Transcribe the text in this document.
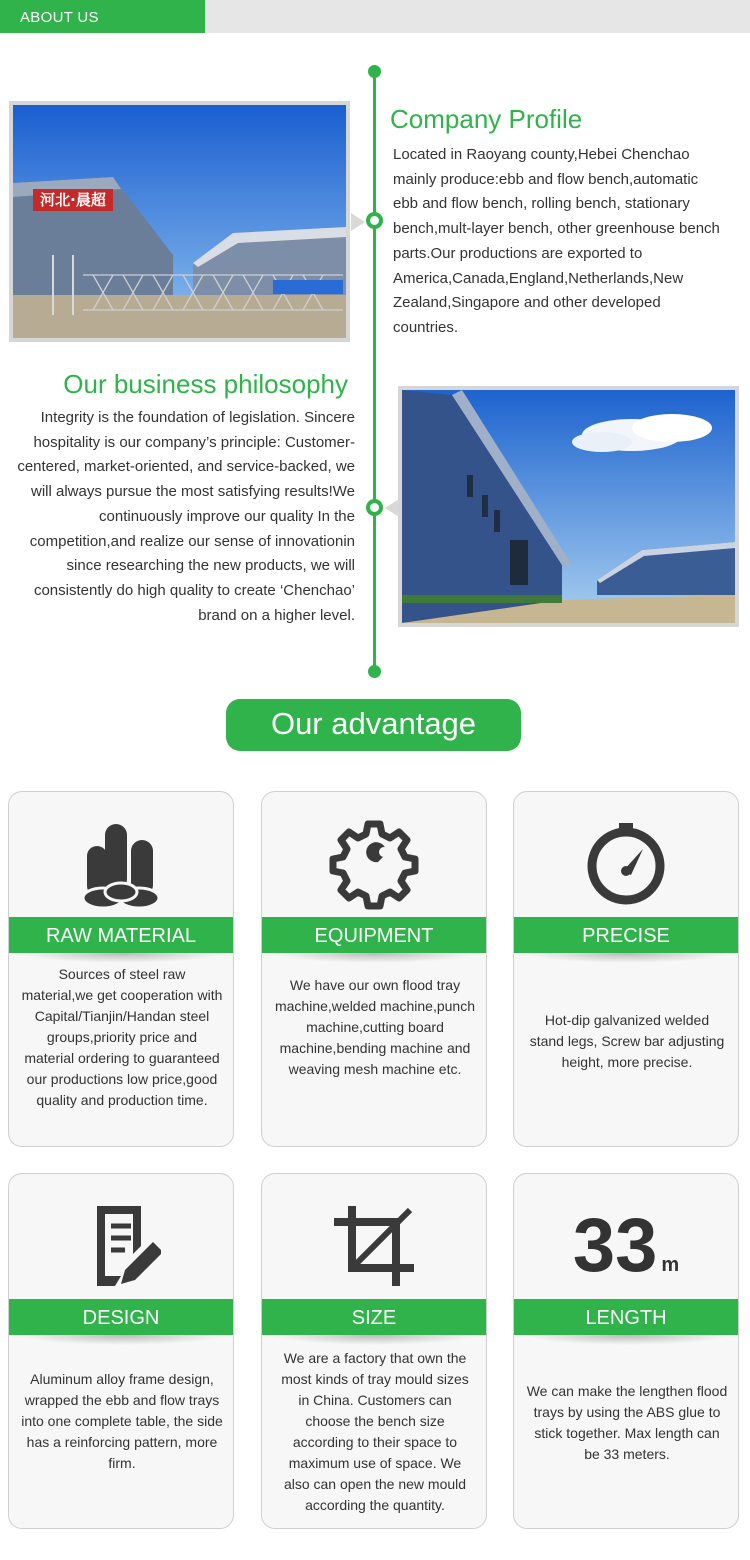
ABOUT US
河北·晨超
Company Profile

Located in Raoyang county,Hebei Chenchao mainly produce:ebb and flow bench,automatic ebb and flow bench, rolling bench, stationary bench,mult-layer bench, other greenhouse bench parts.Our productions are exported to America,Canada,England,Netherlands,New Zealand,Singapore and other developed countries.

Our business philosophy

Integrity is the foundation of legislation. Sincere hospitality is our company’s principle: Customer-centered, market-oriented, and service-backed, we will always pursue the most satisfying results!We continuously improve our quality In the competition,and realize our sense of innovationin since researching the new products, we will consistently do high quality to create ‘Chenchao’ brand on a higher level.

Our advantage
RAW MATERIAL
Sources of steel raw material,we get cooperation with Capital/Tianjin/Handan steel groups,priority price and material ordering to guaranteed our productions low price,good quality and production time.
EQUIPMENT
We have our own flood tray machine,welded machine,punch machine,cutting board machine,bending machine and weaving mesh machine etc.
PRECISE
Hot-dip galvanized welded stand legs, Screw bar adjusting height, more precise.
DESIGN
Aluminum alloy frame design, wrapped the ebb and flow trays into one complete table, the side has a reinforcing pattern, more firm.
SIZE
We are a factory that own the most kinds of tray mould sizes in China. Customers can choose the bench size according to their space to maximum use of space. We also can open the new mould according the quantity.
33 m
LENGTH
We can make the lengthen flood trays by using the ABS glue to stick together. Max length can be 33 meters.
